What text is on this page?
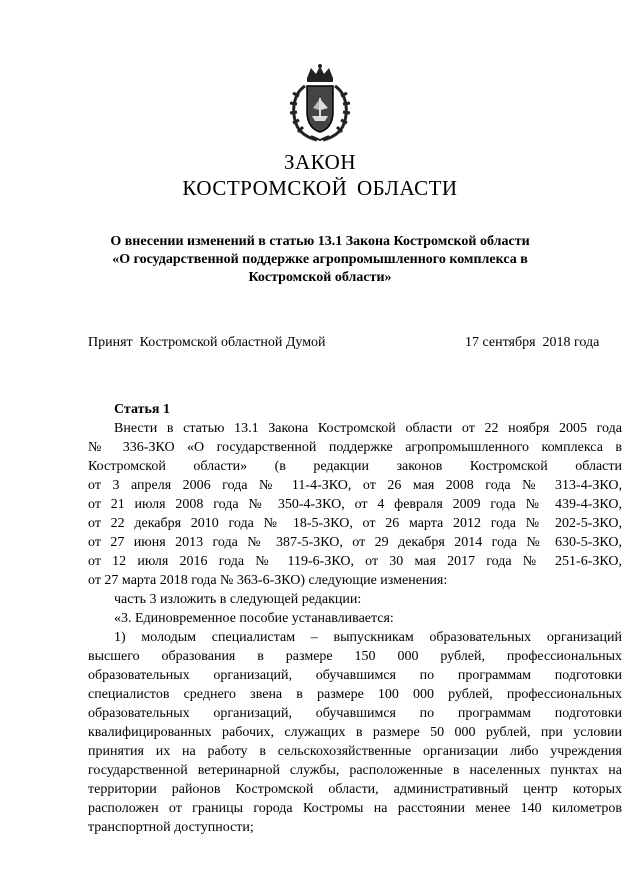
ЗАКОН
КОСТРОМСКОЙ ОБЛАСТИ
О внесении изменений в статью 13.1 Закона Костромской области
«О государственной поддержке агропромышленного комплекса в
Костромской области»
Принят  Костромской областной Думой	17 сентября  2018 года
Статья 1
Внести в статью 13.1 Закона Костромской области от 22 ноября 2005 года
№ 336-ЗКО «О государственной поддержке агропромышленного комплекса в
Костромской области» (в редакции законов Костромской области
от 3 апреля 2006 года № 11-4-ЗКО, от 26 мая 2008 года № 313-4-ЗКО,
от 21 июля 2008 года № 350-4-ЗКО, от 4 февраля 2009 года № 439-4-ЗКО,
от 22 декабря 2010 года № 18-5-ЗКО, от 26 марта 2012 года № 202-5-ЗКО,
от 27 июня 2013 года № 387-5-ЗКО, от 29 декабря 2014 года № 630-5-ЗКО,
от 12 июля 2016 года № 119-6-ЗКО, от 30 мая 2017 года № 251-6-ЗКО,
от 27 марта 2018 года № 363-6-ЗКО) следующие изменения:
часть 3 изложить в следующей редакции:
«3. Единовременное пособие устанавливается:
1) молодым специалистам – выпускникам образовательных организаций
высшего образования в размере 150 000 рублей, профессиональных
образовательных организаций, обучавшимся по программам подготовки
специалистов среднего звена в размере 100 000 рублей, профессиональных
образовательных организаций, обучавшимся по программам подготовки
квалифицированных рабочих, служащих в размере 50 000 рублей, при условии
принятия их на работу в сельскохозяйственные организации либо учреждения
государственной ветеринарной службы, расположенные в населенных пунктах на
территории районов Костромской области, административный центр которых
расположен от границы города Костромы на расстоянии менее 140 километров
транспортной доступности;
